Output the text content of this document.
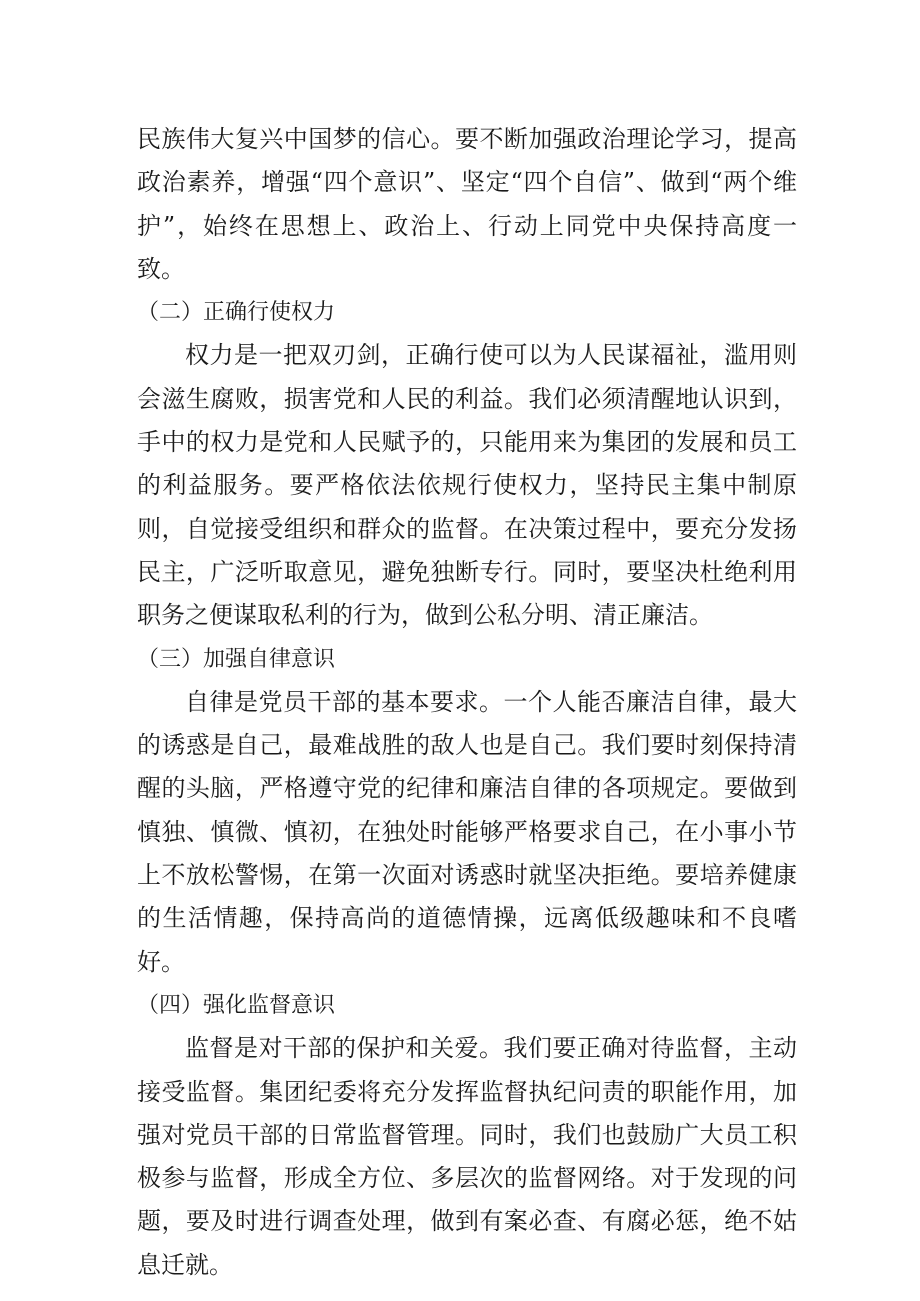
民族伟大复兴中国梦的信心。要不断加强政治理论学习，提高政治素养，增强“四个意识”、坚定“四个自信”、做到“两个维护”，始终在思想上、政治上、行动上同党中央保持高度一致。

（二）正确行使权力

权力是一把双刃剑，正确行使可以为人民谋福祉，滥用则会滋生腐败，损害党和人民的利益。我们必须清醒地认识到，手中的权力是党和人民赋予的，只能用来为集团的发展和员工的利益服务。要严格依法依规行使权力，坚持民主集中制原则，自觉接受组织和群众的监督。在决策过程中，要充分发扬民主，广泛听取意见，避免独断专行。同时，要坚决杜绝利用职务之便谋取私利的行为，做到公私分明、清正廉洁。

（三）加强自律意识

自律是党员干部的基本要求。一个人能否廉洁自律，最大的诱惑是自己，最难战胜的敌人也是自己。我们要时刻保持清醒的头脑，严格遵守党的纪律和廉洁自律的各项规定。要做到慎独、慎微、慎初，在独处时能够严格要求自己，在小事小节上不放松警惕，在第一次面对诱惑时就坚决拒绝。要培养健康的生活情趣，保持高尚的道德情操，远离低级趣味和不良嗜好。

（四）强化监督意识

监督是对干部的保护和关爱。我们要正确对待监督，主动接受监督。集团纪委将充分发挥监督执纪问责的职能作用，加强对党员干部的日常监督管理。同时，我们也鼓励广大员工积极参与监督，形成全方位、多层次的监督网络。对于发现的问题，要及时进行调查处理，做到有案必查、有腐必惩，绝不姑息迁就。
